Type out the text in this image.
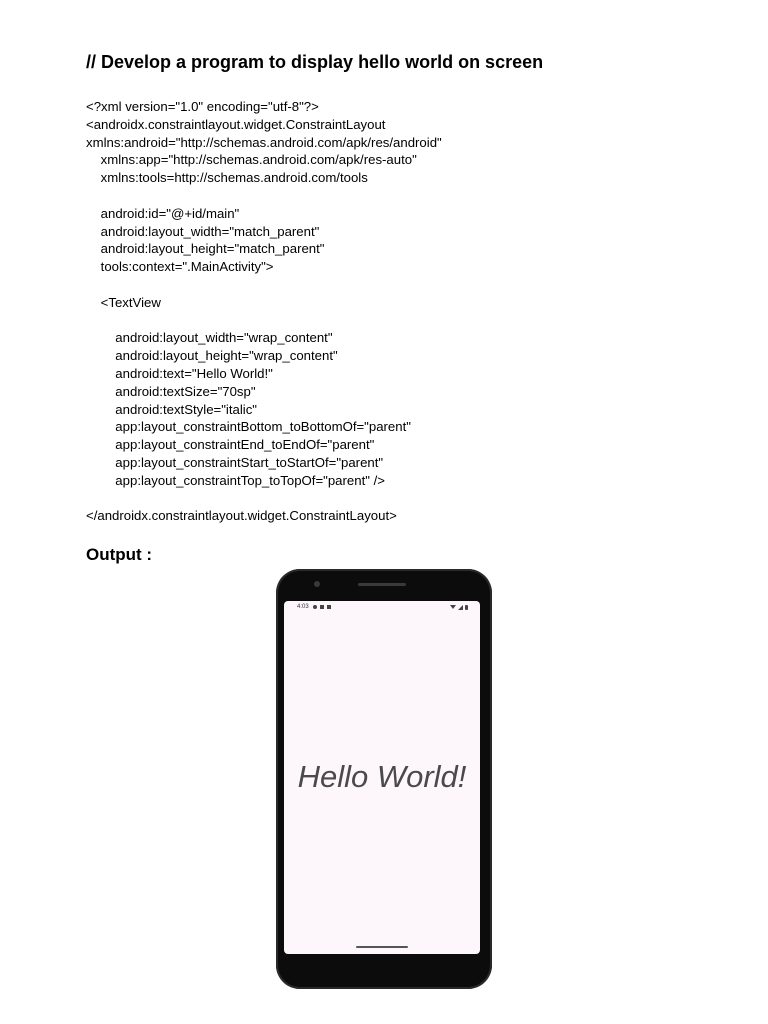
// Develop a program to display hello world on screen
<?xml version="1.0" encoding="utf-8"?>
<androidx.constraintlayout.widget.ConstraintLayout
xmlns:android="http://schemas.android.com/apk/res/android"
xmlns:app="http://schemas.android.com/apk/res-auto"
xmlns:tools=http://schemas.android.com/tools
android:id="@+id/main"
android:layout_width="match_parent"
android:layout_height="match_parent"
tools:context=".MainActivity">
<TextView
android:layout_width="wrap_content"
android:layout_height="wrap_content"
android:text="Hello World!"
android:textSize="70sp"
android:textStyle="italic"
app:layout_constraintBottom_toBottomOf="parent"
app:layout_constraintEnd_toEndOf="parent"
app:layout_constraintStart_toStartOf="parent"
app:layout_constraintTop_toTopOf="parent" />
</androidx.constraintlayout.widget.ConstraintLayout>
Output :
4:03
Hello World!
